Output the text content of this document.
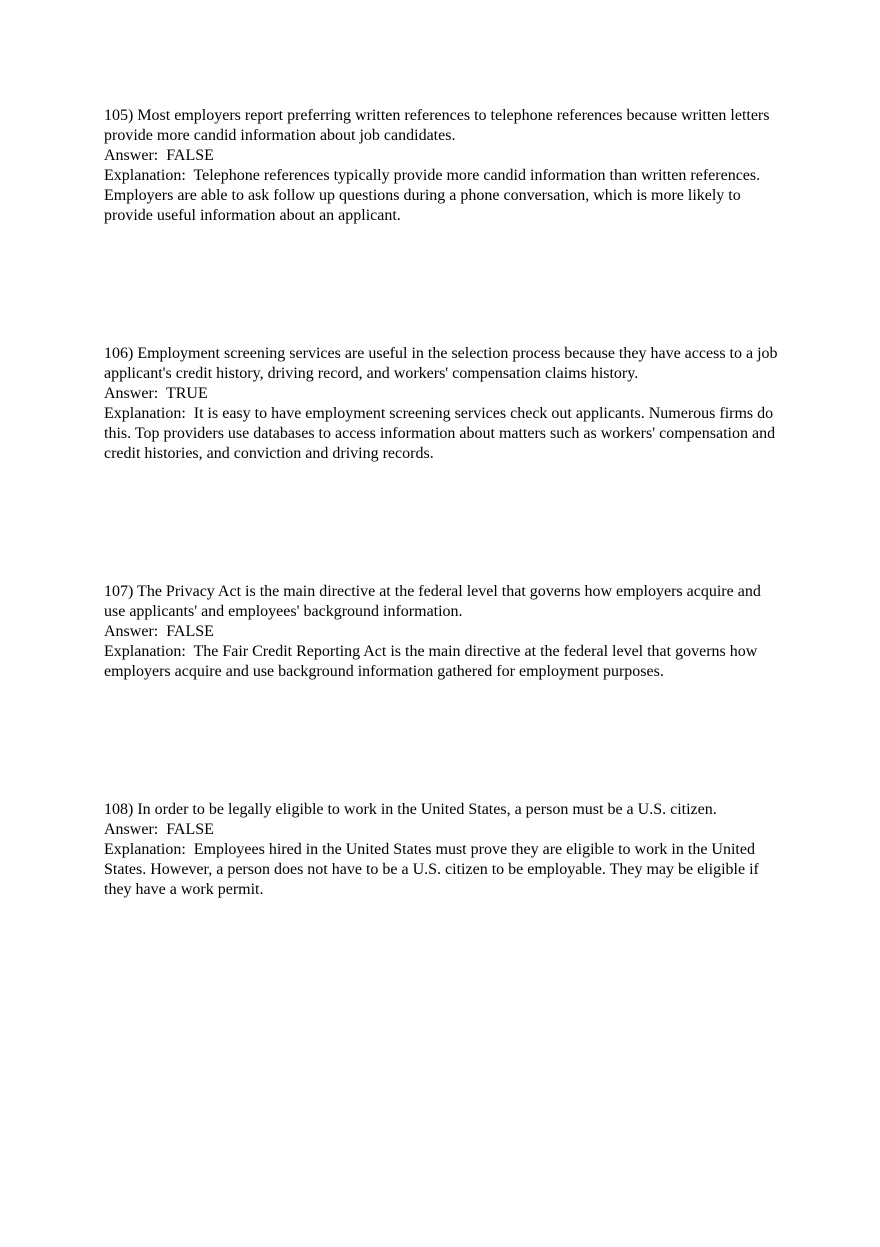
105) Most employers report preferring written references to telephone references because written letters provide more candid information about job candidates.

Answer: FALSE

Explanation: Telephone references typically provide more candid information than written references. Employers are able to ask follow up questions during a phone conversation, which is more likely to provide useful information about an applicant.

106) Employment screening services are useful in the selection process because they have access to a job applicant's credit history, driving record, and workers' compensation claims history.

Answer: TRUE

Explanation: It is easy to have employment screening services check out applicants. Numerous firms do this. Top providers use databases to access information about matters such as workers' compensation and credit histories, and conviction and driving records.

107) The Privacy Act is the main directive at the federal level that governs how employers acquire and use applicants' and employees' background information.

Answer: FALSE

Explanation: The Fair Credit Reporting Act is the main directive at the federal level that governs how employers acquire and use background information gathered for employment purposes.

108) In order to be legally eligible to work in the United States, a person must be a U.S. citizen.

Answer: FALSE

Explanation: Employees hired in the United States must prove they are eligible to work in the United States. However, a person does not have to be a U.S. citizen to be employable. They may be eligible if they have a work permit.
